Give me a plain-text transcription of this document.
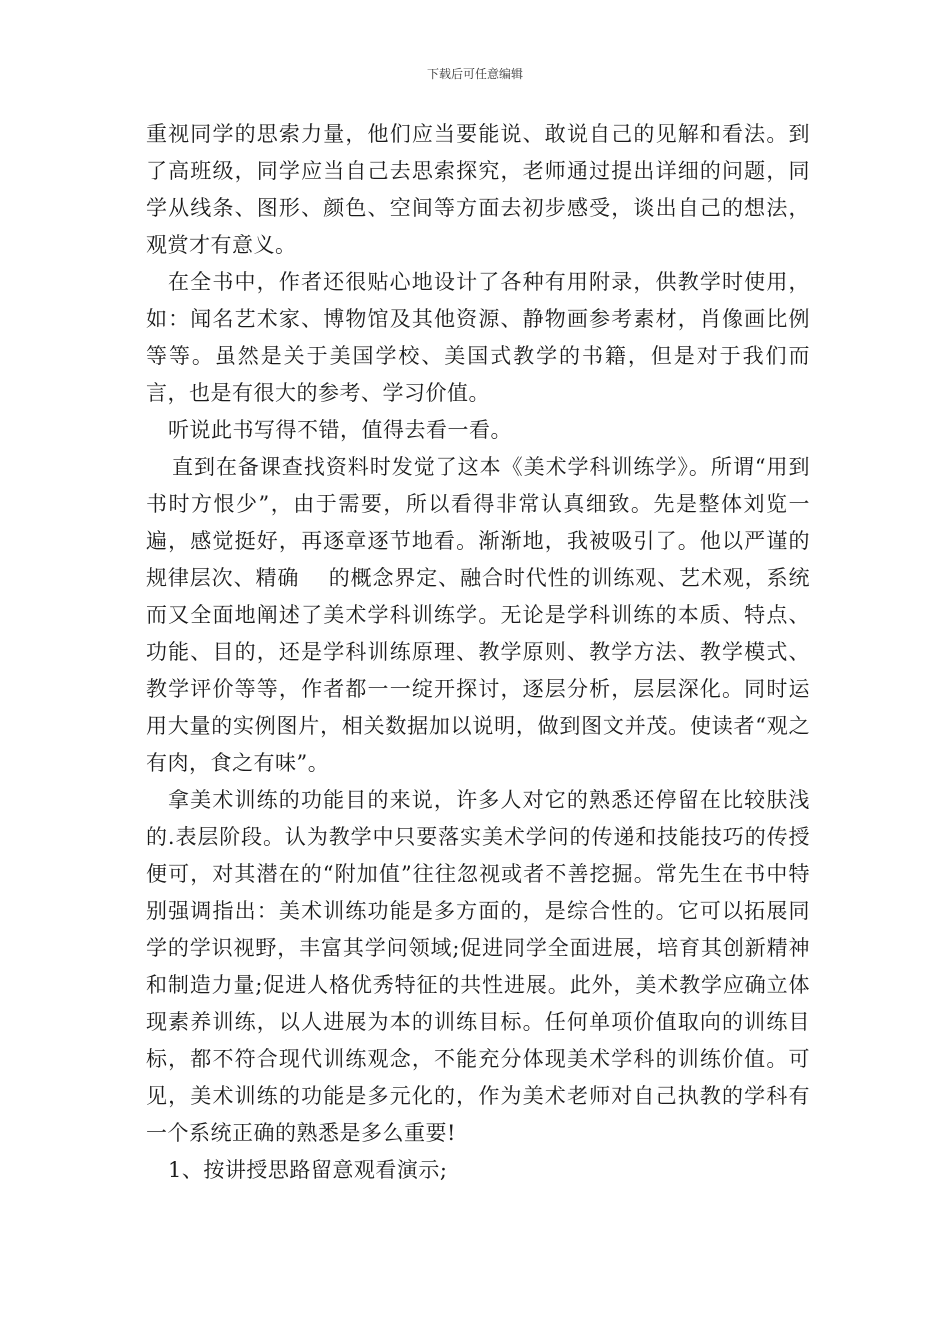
下载后可任意编辑

重视同学的思索力量，他们应当要能说、敢说自己的见解和看法。到了高班级，同学应当自己去思索探究，老师通过提出详细的问题，同学从线条、图形、颜色、空间等方面去初步感受，谈出自己的想法，观赏才有意义。

在全书中，作者还很贴心地设计了各种有用附录，供教学时使用，如：闻名艺术家、博物馆及其他资源、静物画参考素材，肖像画比例等等。虽然是关于美国学校、美国式教学的书籍，但是对于我们而言，也是有很大的参考、学习价值。

听说此书写得不错，值得去看一看。

直到在备课查找资料时发觉了这本《美术学科训练学》。所谓“用到书时方恨少”，由于需要，所以看得非常认真细致。先是整体刘览一遍，感觉挺好，再逐章逐节地看。渐渐地，我被吸引了。他以严谨的规律层次、精确　 的概念界定、融合时代性的训练观、艺术观，系统而又全面地阐述了美术学科训练学。无论是学科训练的本质、特点、功能、目的，还是学科训练原理、教学原则、教学方法、教学模式、教学评价等等，作者都一一绽开探讨，逐层分析，层层深化。同时运用大量的实例图片，相关数据加以说明，做到图文并茂。使读者“观之有肉，食之有味”。

拿美术训练的功能目的来说，许多人对它的熟悉还停留在比较肤浅的.表层阶段。认为教学中只要落实美术学问的传递和技能技巧的传授便可，对其潜在的“附加值”往往忽视或者不善挖掘。常先生在书中特别强调指出：美术训练功能是多方面的，是综合性的。它可以拓展同学的学识视野，丰富其学问领域;促进同学全面进展，培育其创新精神和制造力量;促进人格优秀特征的共性进展。此外，美术教学应确立体现素养训练，以人进展为本的训练目标。任何单项价值取向的训练目标，都不符合现代训练观念，不能充分体现美术学科的训练价值。可见，美术训练的功能是多元化的，作为美术老师对自己执教的学科有一个系统正确的熟悉是多么重要!

1、按讲授思路留意观看演示;
